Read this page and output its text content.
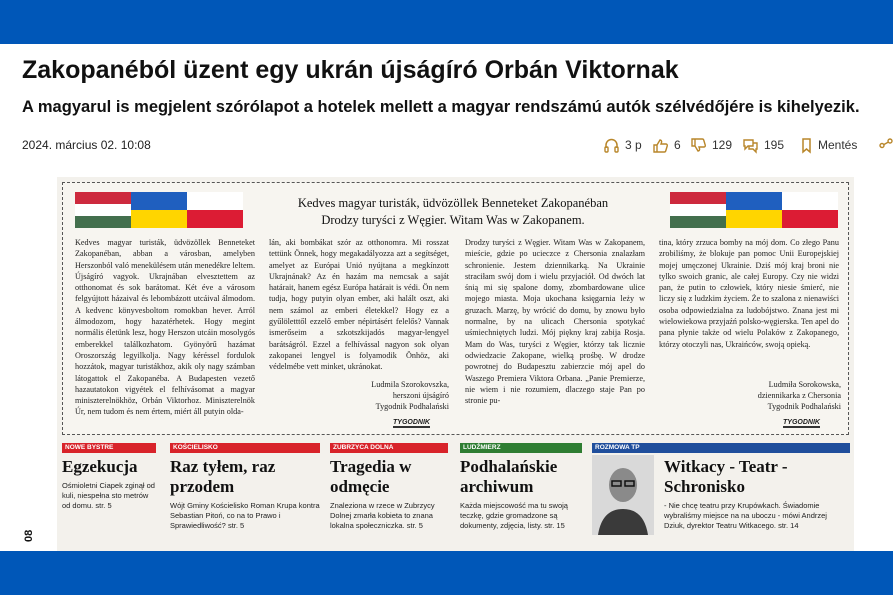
Zakopanéból üzent egy ukrán újságíró Orbán Viktornak

A magyarul is megjelent szórólapot a hotelek mellett a magyar rendszámú autók szélvédőjére is kihelyezik.

2024. március 02. 10:08	3 p	6	129	195	Mentés
Kedves magyar turisták, üdvözöllek Benneteket Zakopanéban
Drodzy turyści z Węgier. Witam Was w Zakopanem.
Kedves magyar turisták, üdvözöllek Benneteket Zakopanéban, abban a városban, amelyben Herszonból való menekülésem után menedékre leltem. Újságíró vagyok. Ukrajnában elvesztettem az otthonomat és sok barátomat. Két éve a városom felgyújtott házaival és lebombázott utcáival álmodom. A kedvenc könyvesboltom romokban hever. Arról álmodozom, hogy hazatérhetek. Hogy megint normális életünk lesz, hogy Herszon utcáin mosolygós emberekkel találkozhatom. Gyönyörű hazámat Oroszország legyilkolja. Nagy kéréssel fordulok hozzátok, magyar turistákhoz, akik oly nagy számban látogattok el Zakopanéba. A Budapesten vezető hazautatokon vigyétek el felhívásomat a magyar miniszterelnökhöz, Orbán Viktorhoz. Miniszterelnök Úr, nem tudom és nem értem, miért áll putyin olda-
lán, aki bombákat szór az otthonomra. Mi rosszat tettünk Önnek, hogy megakadályozza azt a segítséget, amelyet az Európai Unió nyújtana a megkínzott Ukrajnának? Az én hazám ma nemcsak a saját határait, hanem egész Európa határait is védi. Ön nem tudja, hogy putyin olyan ember, aki halált oszt, aki nem számol az emberi életekkel? Hogy ez a gyűlöletttől ezzelő ember népirtásért felelős? Vannak ismerőseim a szkotszkijadós magyar-lengyel barátságról. Ezzel a felhívással nagyon sok olyan zakopanei lengyel is folyamodik Önhöz, aki védelmébe vett minket, ukránokat.
Ludmila Szorokovszka,
herszoni újságíró
Tygodnik Podhalański
TYGODNIK
Drodzy turyści z Węgier. Witam Was w Zakopanem, mieście, gdzie po ucieczce z Chersonia znalazłam schronienie. Jestem dziennikarką. Na Ukrainie straciłam swój dom i wielu przyjaciół. Od dwóch lat śnią mi się spalone domy, zbombardowane ulice mojego miasta. Moja ukochana księgarnia leży w gruzach. Marzę, by wrócić do domu, by znowu było normalne, by na ulicach Chersonia spotykać uśmiechniętych ludzi. Mój piękny kraj zabija Rosja. Mam do Was, turyści z Węgier, którzy tak licznie odwiedzacie Zakopane, wielką prośbę. W drodze powrotnej do Budapesztu zabierzcie mój apel do Waszego Premiera Viktora Orbana. „Panie Premierze, nie wiem i nie rozumiem, dlaczego staje Pan po stronie pu-
tina, który zrzuca bomby na mój dom. Co złego Panu zrobiliśmy, że blokuje pan pomoc Unii Europejskiej mojej umęczonej Ukrainie. Dziś mój kraj broni nie tylko swoich granic, ale całej Europy. Czy nie widzi pan, że putin to człowiek, który niesie śmierć, nie liczy się z ludzkim życiem. Że to szalona z nienawiści osoba odpowiedzialna za ludobójstwo. Znana jest mi wielowiekowa przyjaźń polsko-węgierska. Ten apel do pana płynie także od wielu Polaków z Zakopanego, którzy otoczyli nas, Ukraińców, swoją opieką.
Ludmiła Sorokowska,
dziennikarka z Chersonia
Tygodnik Podhalański
TYGODNIK
NOWE BYSTRE
Egzekucja
Ośmioletni Ciapek zginął od kuli, niespełna sto metrów od domu. str. 5
KOŚCIELISKO
Raz tyłem, raz przodem
Wójt Gminy Kościelisko Roman Krupa kontra Sebastian Pitoń, co na to Prawo i Sprawiedliwość? str. 5
ZUBRZYCA DOLNA
Tragedia w odmęcie
Znaleziona w rzece w Zubrzycy Dolnej zmarła kobieta to znana lokalna społeczniczka. str. 5
LUDŹMIERZ
Podhalańskie archiwum
Każda miejscowość ma tu swoją teczkę, gdzie gromadzone są dokumenty, zdjęcia, listy. str. 15
ROZMOWA TP
Witkacy - Teatr - Schronisko
- Nie chcę teatru przy Krupówkach. Świadomie wybraliśmy miejsce na na uboczu - mówi Andrzej Dziuk, dyrektor Teatru Witkacego. str. 14
08
